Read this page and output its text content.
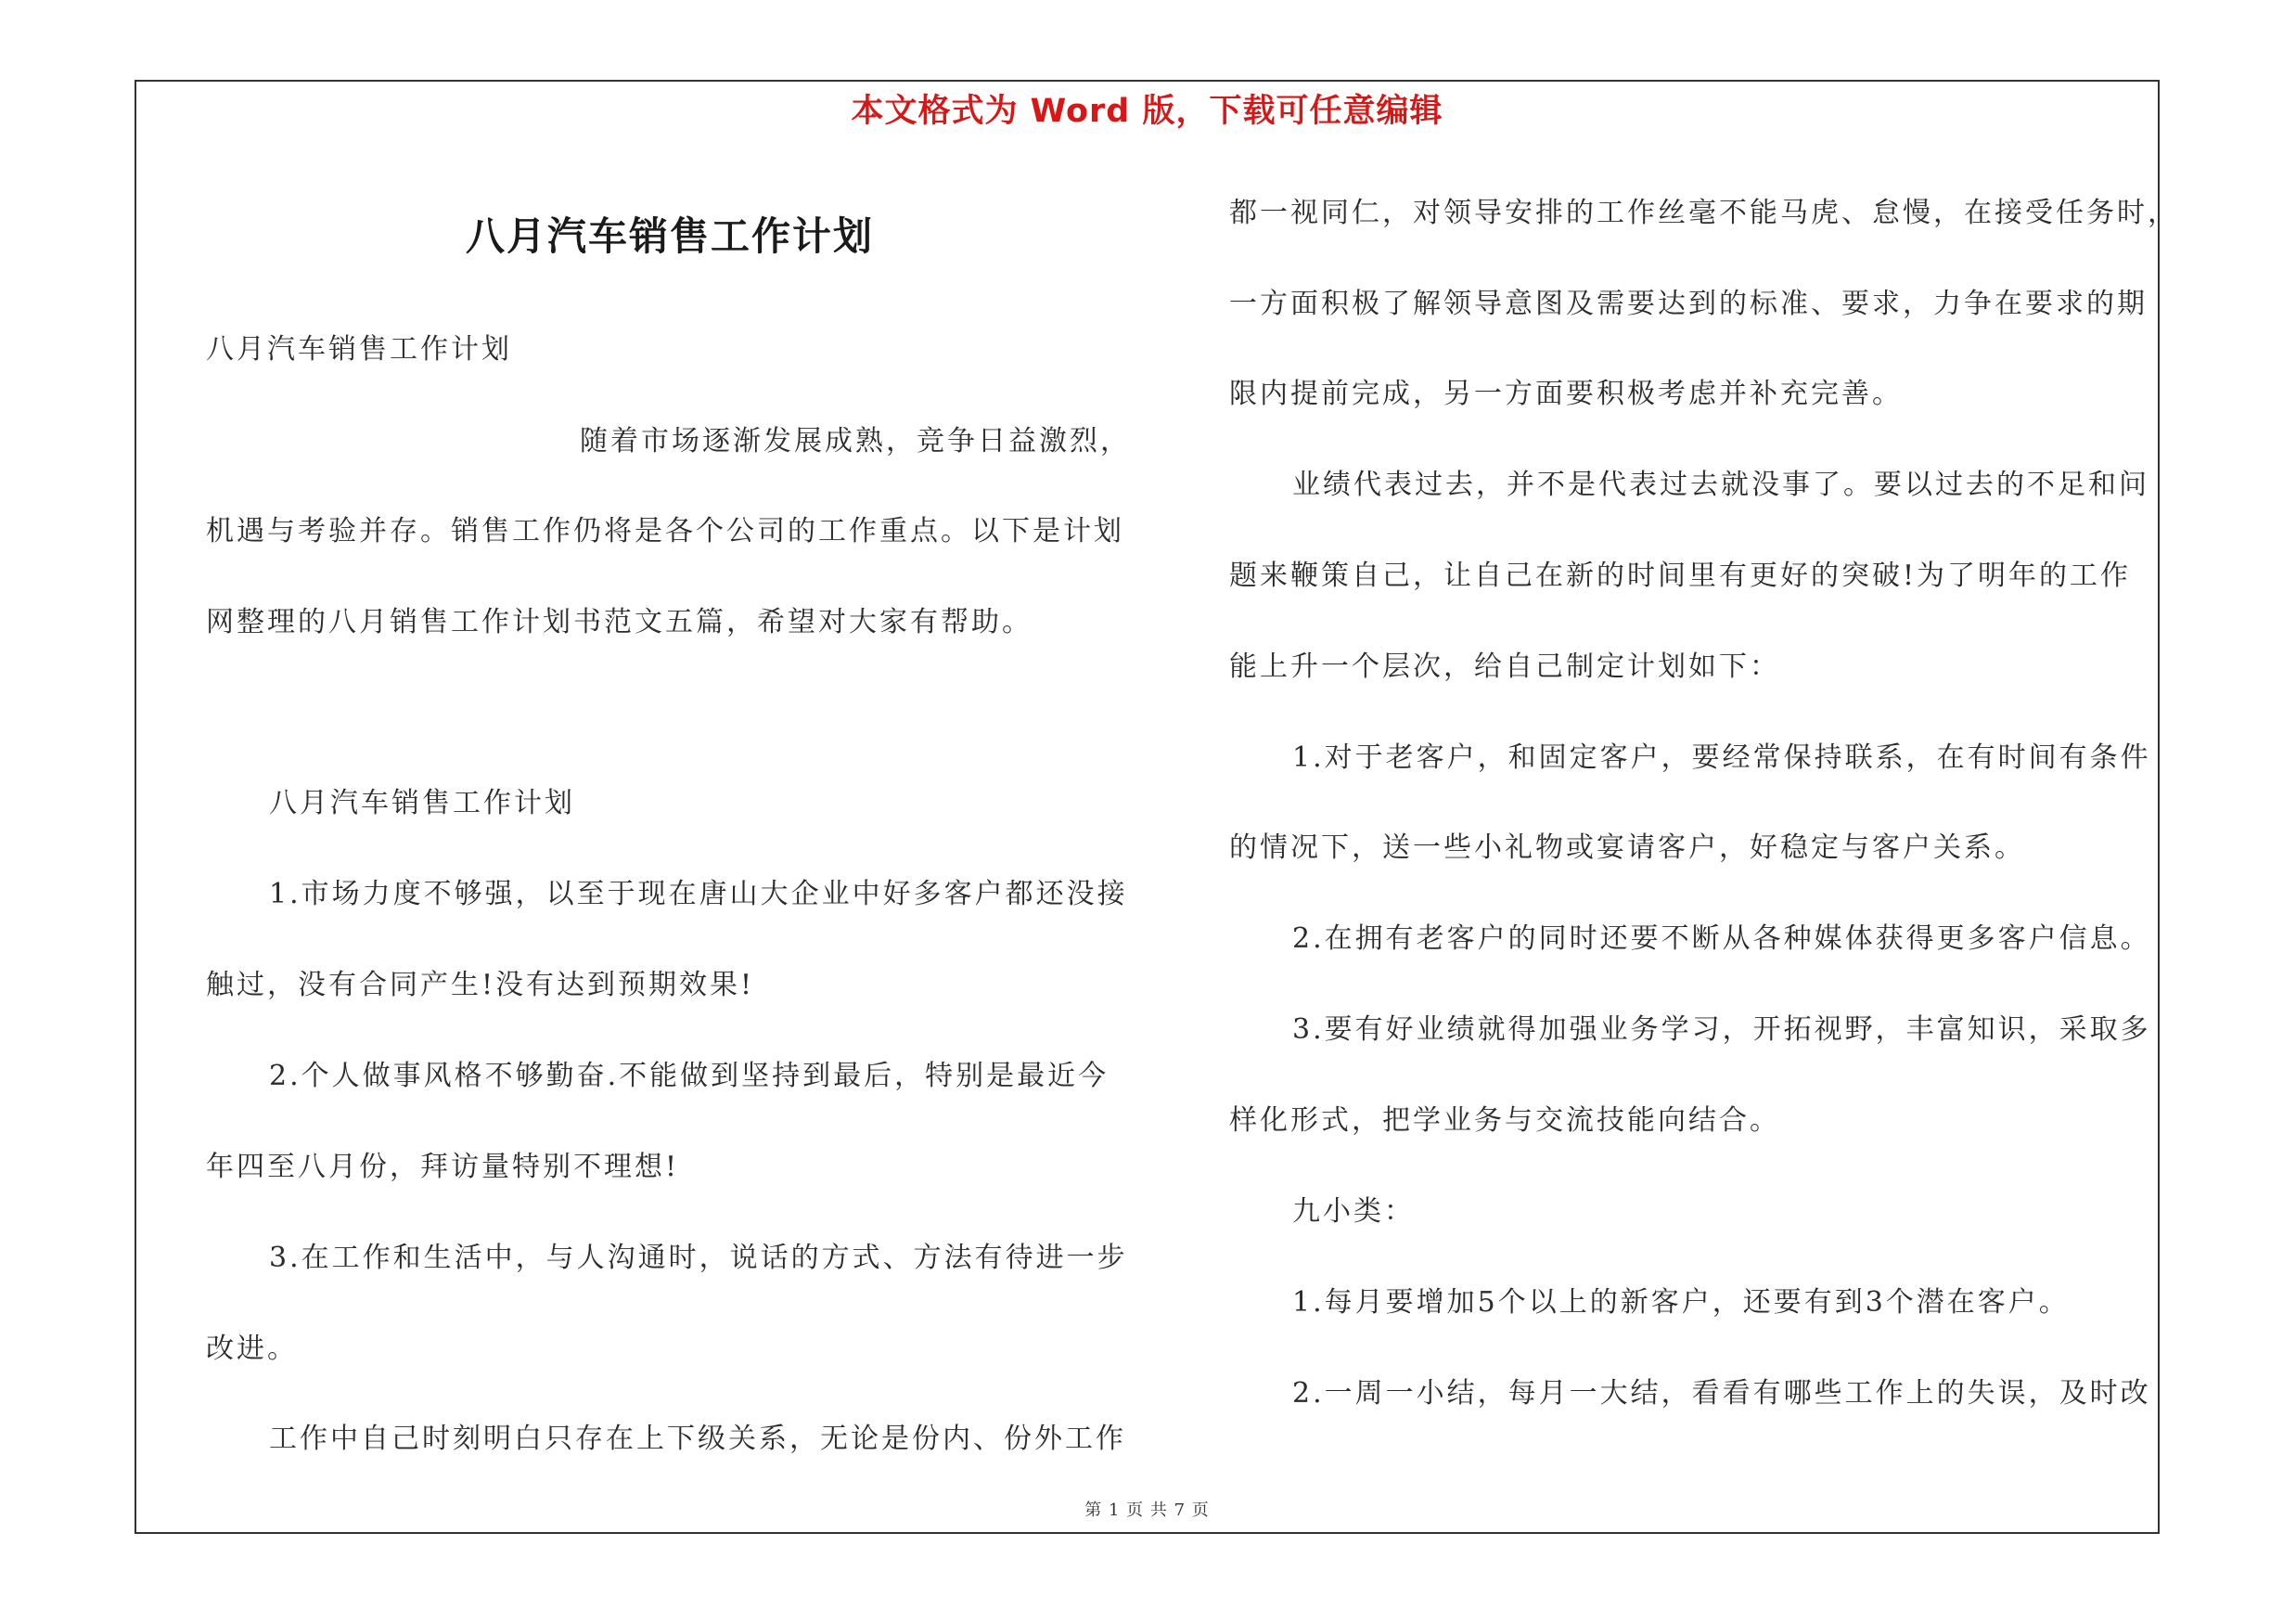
本文格式为 Word 版，下载可任意编辑
八月汽车销售工作计划
八月汽车销售工作计划
随着市场逐渐发展成熟，竞争日益激烈，
机遇与考验并存。销售工作仍将是各个公司的工作重点。以下是计划
网整理的八月销售工作计划书范文五篇，希望对大家有帮助。
八月汽车销售工作计划
1.市场力度不够强，以至于现在唐山大企业中好多客户都还没接
触过，没有合同产生!没有达到预期效果!
2.个人做事风格不够勤奋.不能做到坚持到最后，特别是最近今
年四至八月份，拜访量特别不理想!
3.在工作和生活中，与人沟通时，说话的方式、方法有待进一步
改进。
工作中自己时刻明白只存在上下级关系，无论是份内、份外工作
都一视同仁，对领导安排的工作丝毫不能马虎、怠慢，在接受任务时，
一方面积极了解领导意图及需要达到的标准、要求，力争在要求的期
限内提前完成，另一方面要积极考虑并补充完善。
业绩代表过去，并不是代表过去就没事了。要以过去的不足和问
题来鞭策自己，让自己在新的时间里有更好的突破!为了明年的工作
能上升一个层次，给自己制定计划如下：
1.对于老客户，和固定客户，要经常保持联系，在有时间有条件
的情况下，送一些小礼物或宴请客户，好稳定与客户关系。
2.在拥有老客户的同时还要不断从各种媒体获得更多客户信息。
3.要有好业绩就得加强业务学习，开拓视野，丰富知识，采取多
样化形式，把学业务与交流技能向结合。
九小类：
1.每月要增加5个以上的新客户，还要有到3个潜在客户。
2.一周一小结，每月一大结，看看有哪些工作上的失误，及时改
第 1 页 共 7 页
